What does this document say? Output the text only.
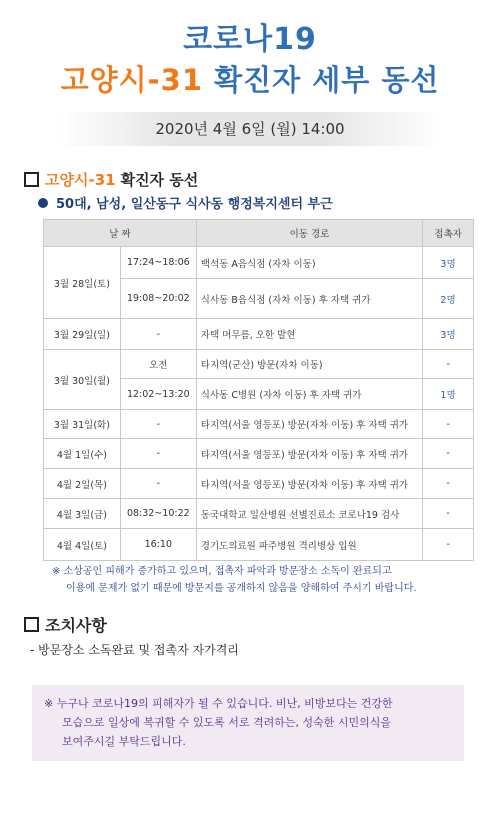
코로나19
고양시-31 확진자 세부 동선
2020년 4월 6일 (월) 14:00
고양시-31 확진자 동선
50대, 남성, 일산동구 식사동 행정복지센터 부근
날 짜		이동 경로	접촉자
3월 28일(토)	17:24~18:06	백석동 A음식점 (자차 이동)	3명
	19:08~20:02	식사동 B음식점 (자차 이동) 후 자택 귀가	2명
3월 29일(일)	-	자택 머무름, 오한 발현	3명
3월 30일(월)	오전	타지역(군산) 방문(자차 이동)	-
	12:02~13:20	식사동 C병원 (자차 이동) 후 자택 귀가	1명
3월 31일(화)	-	타지역(서울 영등포) 방문(자차 이동) 후 자택 귀가	-
4월 1일(수)	-	타지역(서울 영등포) 방문(자차 이동) 후 자택 귀가	-
4월 2일(목)	-	타지역(서울 영등포) 방문(자차 이동) 후 자택 귀가	-
4월 3일(금)	08:32~10:22	동국대학교 일산병원 선별진료소 코로나19 검사	-
4월 4일(토)	16:10	경기도의료원 파주병원 격리병상 입원	-
※ 소상공인 피해가 증가하고 있으며, 접촉자 파악과 방문장소 소독이 완료되고
이용에 문제가 없기 때문에 방문지를 공개하지 않음을 양해하여 주시기 바랍니다.
조치사항
- 방문장소 소독완료 및 접촉자 자가격리

※ 누구나 코로나19의 피해자가 될 수 있습니다. 비난, 비방보다는 건강한
모습으로 일상에 복귀할 수 있도록 서로 격려하는, 성숙한 시민의식을
보여주시길 부탁드립니다.
